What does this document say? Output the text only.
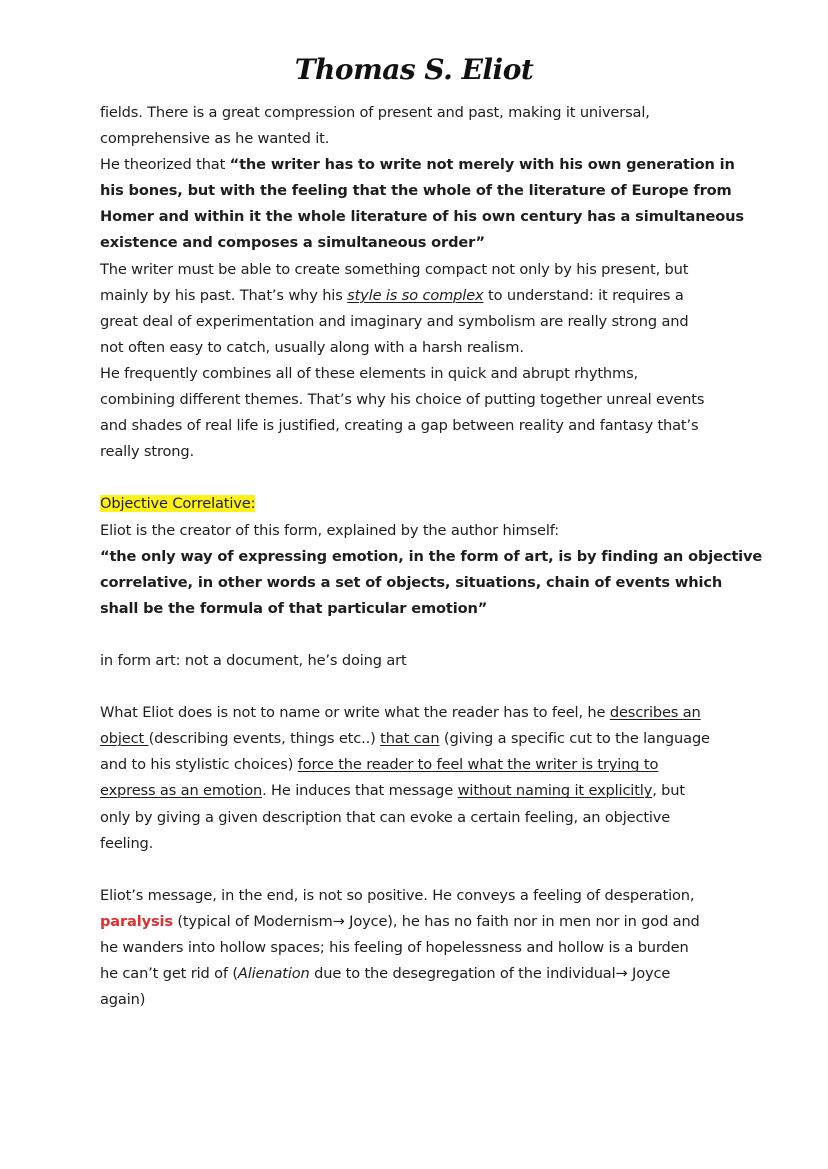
Thomas S. Eliot

fields. There is a great compression of present and past, making it universal,

comprehensive as he wanted it.

He theorized that “the writer has to write not merely with his own generation in

his bones, but with the feeling that the whole of the literature of Europe from

Homer and within it the whole literature of his own century has a simultaneous

existence and composes a simultaneous order”

The writer must be able to create something compact not only by his present, but

mainly by his past. That’s why his style is so complex to understand: it requires a

great deal of experimentation and imaginary and symbolism are really strong and

not often easy to catch, usually along with a harsh realism.

He frequently combines all of these elements in quick and abrupt rhythms,

combining different themes. That’s why his choice of putting together unreal events

and shades of real life is justified, creating a gap between reality and fantasy that’s

really strong.

Objective Correlative:

Eliot is the creator of this form, explained by the author himself:

“the only way of expressing emotion, in the form of art, is by finding an objective

correlative, in other words a set of objects, situations, chain of events which

shall be the formula of that particular emotion”

in form art: not a document, he’s doing art

What Eliot does is not to name or write what the reader has to feel, he describes an

object (describing events, things etc..) that can (giving a specific cut to the language

and to his stylistic choices) force the reader to feel what the writer is trying to

express as an emotion. He induces that message without naming it explicitly, but

only by giving a given description that can evoke a certain feeling, an objective

feeling.

Eliot’s message, in the end, is not so positive. He conveys a feeling of desperation,

paralysis (typical of Modernism→ Joyce), he has no faith nor in men nor in god and

he wanders into hollow spaces; his feeling of hopelessness and hollow is a burden

he can’t get rid of (Alienation due to the desegregation of the individual→ Joyce

again)
